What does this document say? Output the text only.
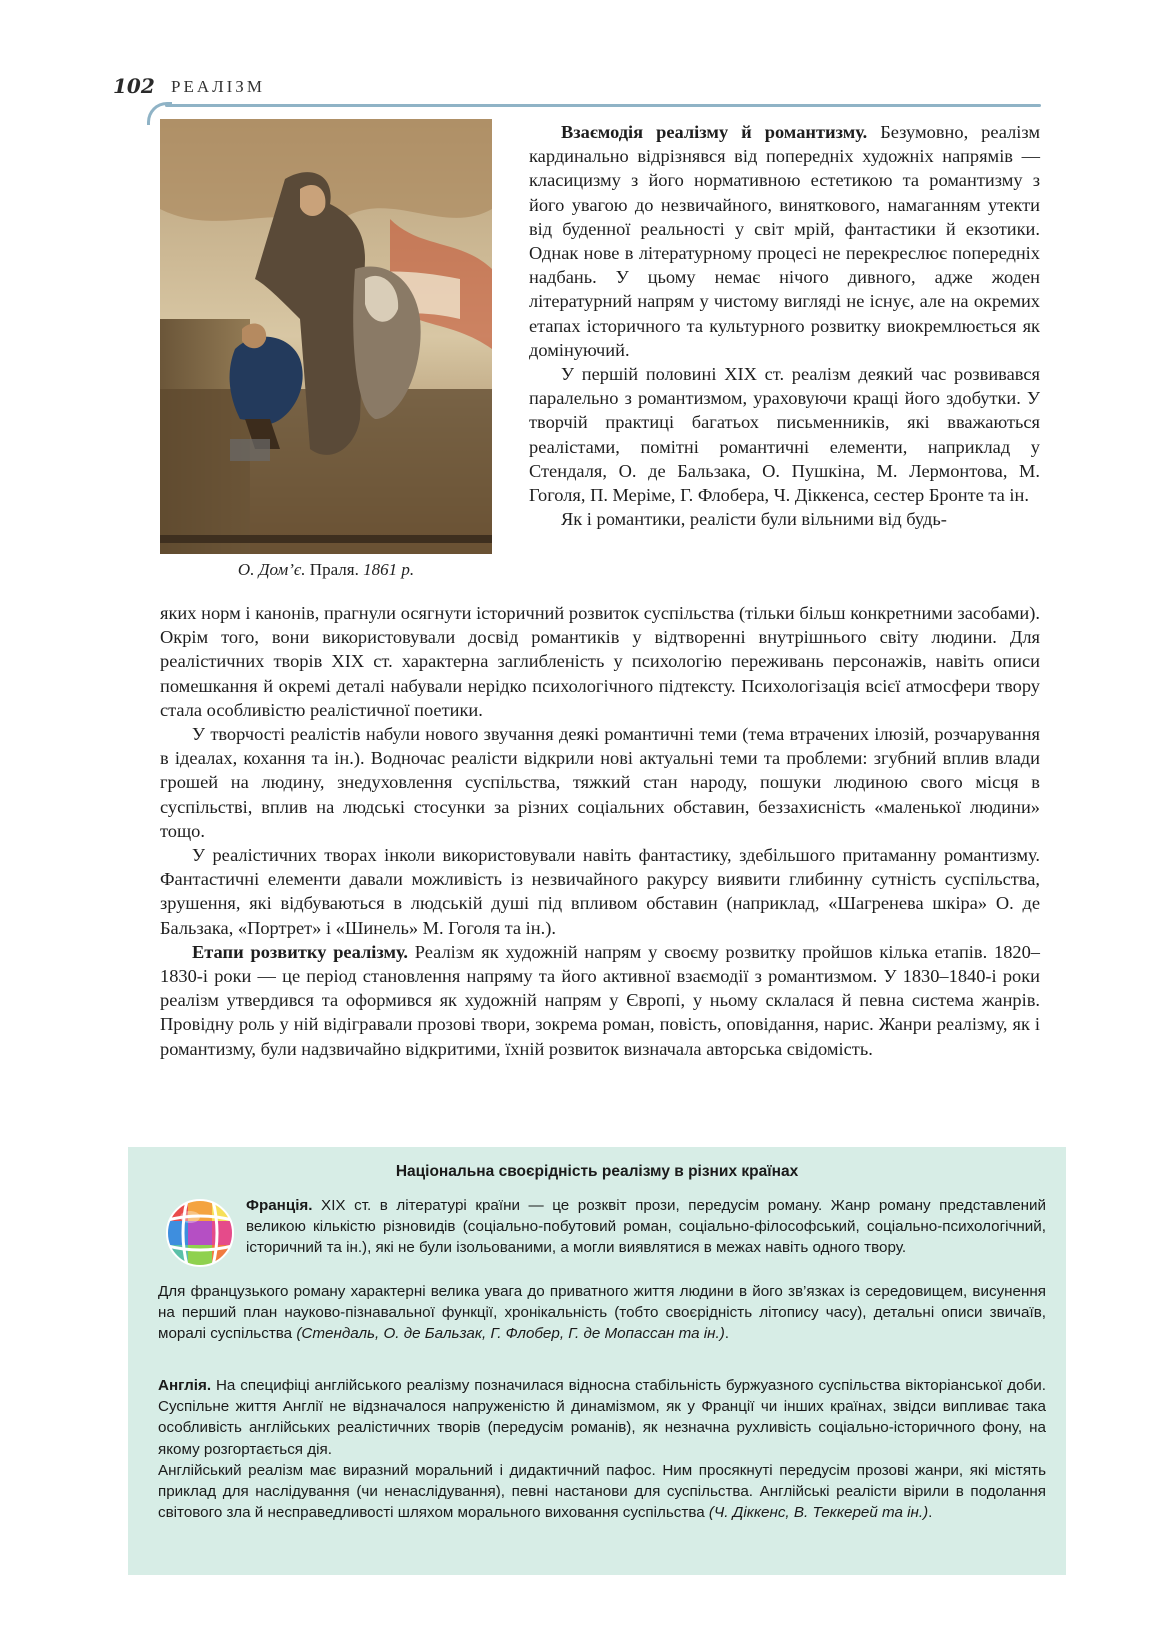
102 РЕАЛІЗМ
О. Дом’є. Праля. 1861 р.

Взаємодія реалізму й романтизму. Безумовно, реалізм кардинально відрізнявся від попередніх художніх напрямів — класицизму з його нормативною естетикою та романтизму з його увагою до незвичайного, виняткового, намаганням утекти від буденної реальності у світ мрій, фантастики й екзотики. Однак нове в літературному процесі не перекреслює попередніх надбань. У цьому немає нічого дивного, адже жоден літературний напрям у чистому вигляді не існує, але на окремих етапах історичного та культурного розвитку виокремлюється як домінуючий.

У першій половині XIX ст. реалізм деякий час розвивався паралельно з романтизмом, ураховуючи кращі його здобутки. У творчій практиці багатьох письменників, які вважаються реалістами, помітні романтичні елементи, наприклад у Стендаля, О. де Бальзака, О. Пушкіна, М. Лермонтова, М. Гоголя, П. Меріме, Г. Флобера, Ч. Діккенса, сестер Бронте та ін.

Як і романтики, реалісти були вільними від будь-

яких норм і канонів, прагнули осягнути історичний розвиток суспільства (тільки більш конкретними засобами). Окрім того, вони використовували досвід романтиків у відтворенні внутрішнього світу людини. Для реалістичних творів XIX ст. характерна заглибленість у психологію переживань персонажів, навіть описи помешкання й окремі деталі набували нерідко психологічного підтексту. Психологізація всієї атмосфери твору стала особливістю реалістичної поетики.

У творчості реалістів набули нового звучання деякі романтичні теми (тема втрачених ілюзій, розчарування в ідеалах, кохання та ін.). Водночас реалісти відкрили нові актуальні теми та проблеми: згубний вплив влади грошей на людину, знедуховлення суспільства, тяжкий стан народу, пошуки людиною свого місця в суспільстві, вплив на людські стосунки за різних соціальних обставин, беззахисність «маленької людини» тощо.

У реалістичних творах інколи використовували навіть фантастику, здебільшого притаманну романтизму. Фантастичні елементи давали можливість із незвичайного ракурсу виявити глибинну сутність суспільства, зрушення, які відбуваються в людській душі під впливом обставин (наприклад, «Шагренева шкіра» О. де Бальзака, «Портрет» і «Шинель» М. Гоголя та ін.).

Етапи розвитку реалізму. Реалізм як художній напрям у своєму розвитку пройшов кілька етапів. 1820–1830-і роки — це період становлення напряму та його активної взаємодії з романтизмом. У 1830–1840-і роки реалізм утвердився та оформився як художній напрям у Європі, у ньому склалася й певна система жанрів. Провідну роль у ній відігравали прозові твори, зокрема роман, повість, оповідання, нарис. Жанри реалізму, як і романтизму, були надзвичайно відкритими, їхній розвиток визначала авторська свідомість.

Національна своєрідність реалізму в різних країнах

Франція. XIX ст. в літературі країни — це розквіт прози, передусім роману. Жанр роману представлений великою кількістю різновидів (соціально-побутовий роман, соціально-філософський, соціально-психологічний, історичний та ін.), які не були ізольованими, а могли виявлятися в межах навіть одного твору.

Для французького роману характерні велика увага до приватного життя людини в його зв’язках із середовищем, висунення на перший план науково-пізнавальної функції, хронікальність (тобто своєрідність літопису часу), детальні описи звичаїв, моралі суспільства (Стендаль, О. де Бальзак, Г. Флобер, Г. де Мопассан та ін.).

Англія. На специфіці англійського реалізму позначилася відносна стабільність буржуазного суспільства вікторіанської доби. Суспільне життя Англії не відзначалося напруженістю й динамізмом, як у Франції чи інших країнах, звідси випливає така особливість англійських реалістичних творів (передусім романів), як незначна рухливість соціально-історичного фону, на якому розгортається дія.

Англійський реалізм має виразний моральний і дидактичний пафос. Ним просякнуті передусім прозові жанри, які містять приклад для наслідування (чи ненаслідування), певні настанови для суспільства. Англійські реалісти вірили в подолання світового зла й несправедливості шляхом морального виховання суспільства (Ч. Діккенс, В. Теккерей та ін.).
